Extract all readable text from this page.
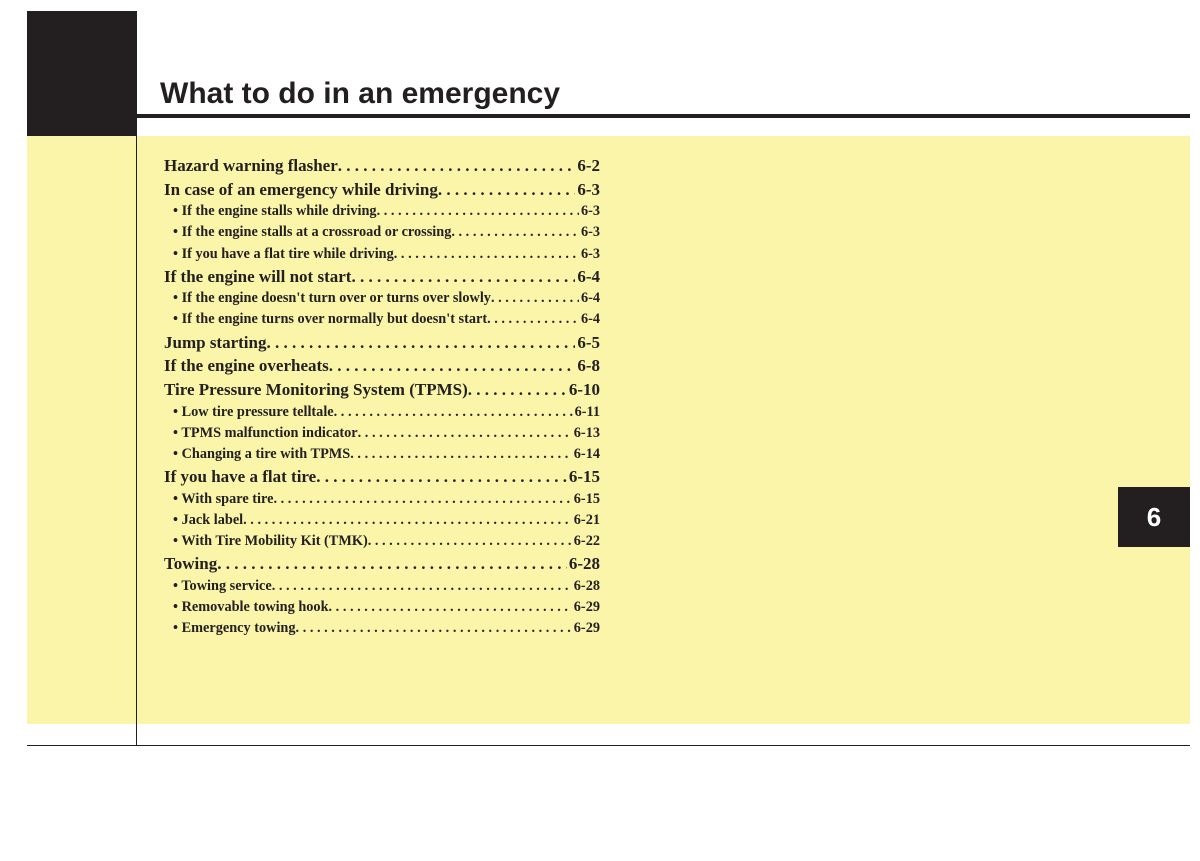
What to do in an emergency
6
Hazard warning flasher . . .	6-2
In case of an emergency while driving . . .	6-3
• If the engine stalls while driving . . .	6-3
• If the engine stalls at a crossroad or crossing . . .	6-3
• If you have a flat tire while driving . . .	6-3
If the engine will not start . . .	6-4
• If the engine doesn't turn over or turns over slowly . . .	6-4
• If the engine turns over normally but doesn't start . . .	6-4
Jump starting . . .	6-5
If the engine overheats . . .	6-8
Tire Pressure Monitoring System (TPMS) . . .	6-10
• Low tire pressure telltale . . .	6-11
• TPMS malfunction indicator . . .	6-13
• Changing a tire with TPMS . . .	6-14
If you have a flat tire . . .	6-15
• With spare tire . . .	6-15
• Jack label . . .	6-21
• With Tire Mobility Kit (TMK) . . .	6-22
Towing . . .	6-28
• Towing service . . .	6-28
• Removable towing hook . . .	6-29
• Emergency towing . . .	6-29
